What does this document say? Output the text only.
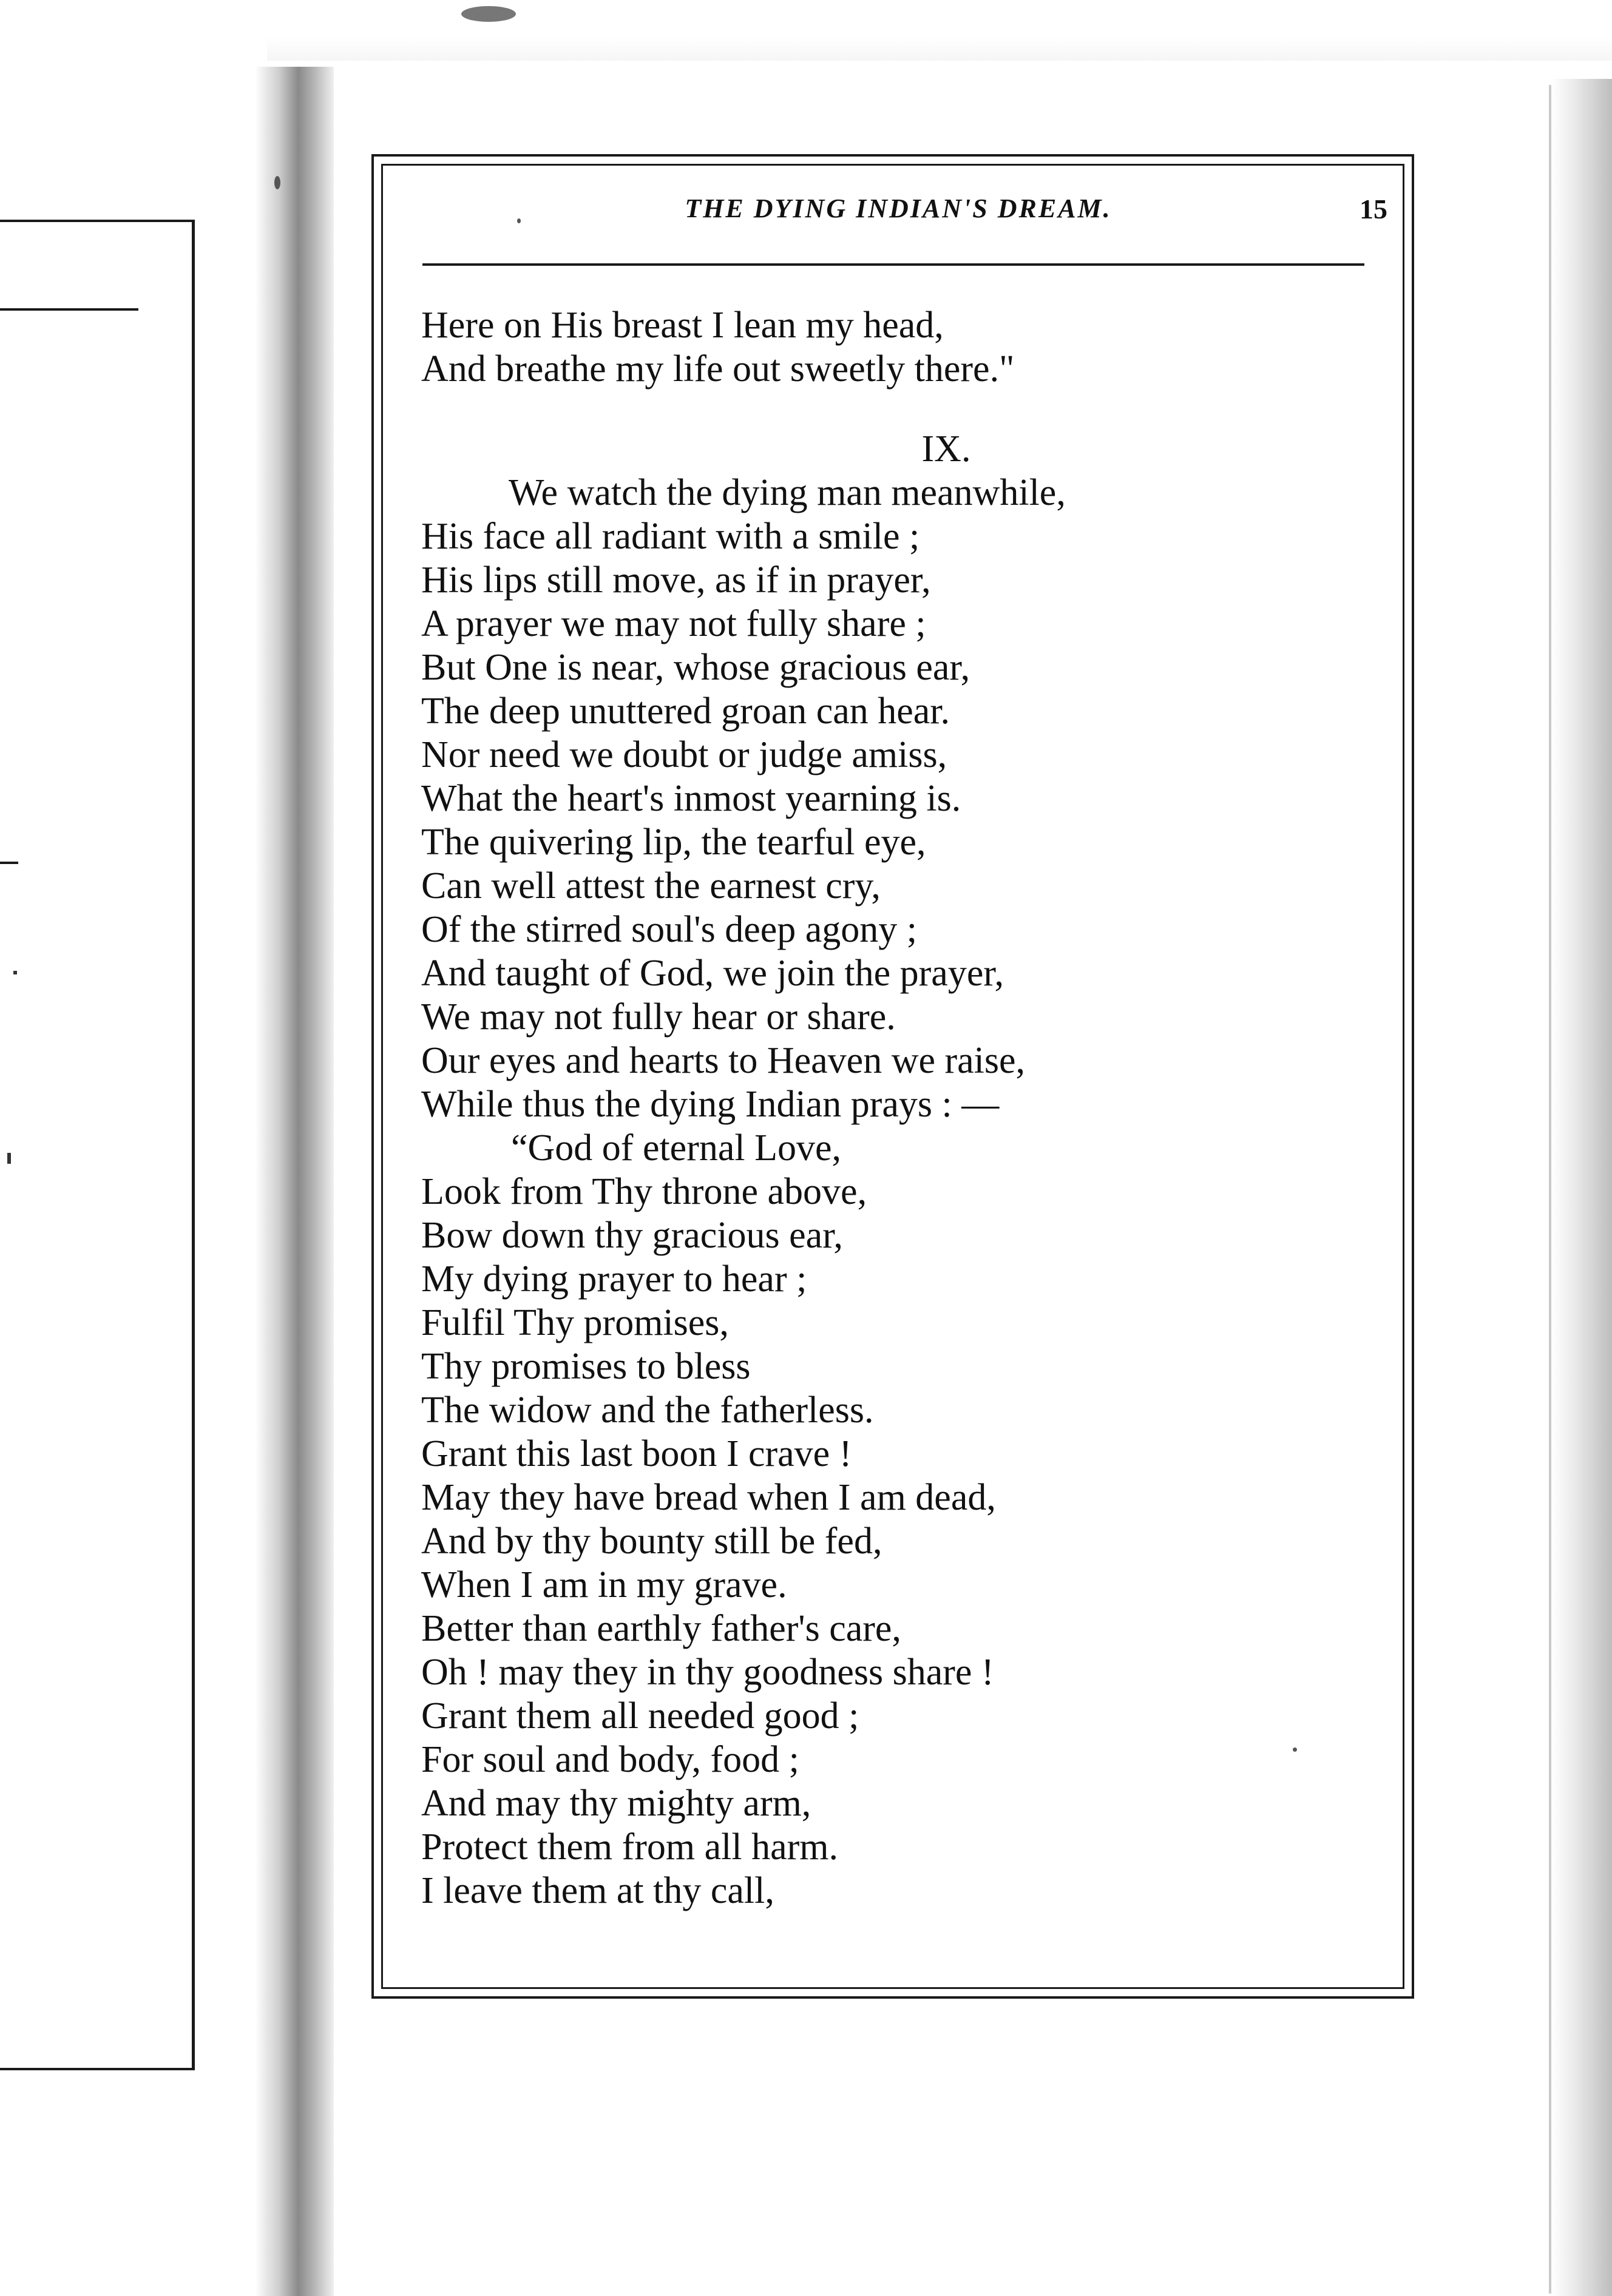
THE DYING INDIAN'S DREAM.	15
Here on His breast I lean my head,
And breathe my life out sweetly there."
IX.
We watch the dying man meanwhile,
His face all radiant with a smile ;
His lips still move, as if in prayer,
A prayer we may not fully share ;
But One is near, whose gracious ear,
The deep unuttered groan can hear.
Nor need we doubt or judge amiss,
What the heart's inmost yearning is.
The quivering lip, the tearful eye,
Can well attest the earnest cry,
Of the stirred soul's deep agony ;
And taught of God, we join the prayer,
We may not fully hear or share.
Our eyes and hearts to Heaven we raise,
While thus the dying Indian prays : —
“God of eternal Love,
Look from Thy throne above,
Bow down thy gracious ear,
My dying prayer to hear ;
Fulfil Thy promises,
Thy promises to bless
The widow and the fatherless.
Grant this last boon I crave !
May they have bread when I am dead,
And by thy bounty still be fed,
When I am in my grave.
Better than earthly father's care,
Oh ! may they in thy goodness share !
Grant them all needed good ;
For soul and body, food ;
And may thy mighty arm,
Protect them from all harm.
I leave them at thy call,
